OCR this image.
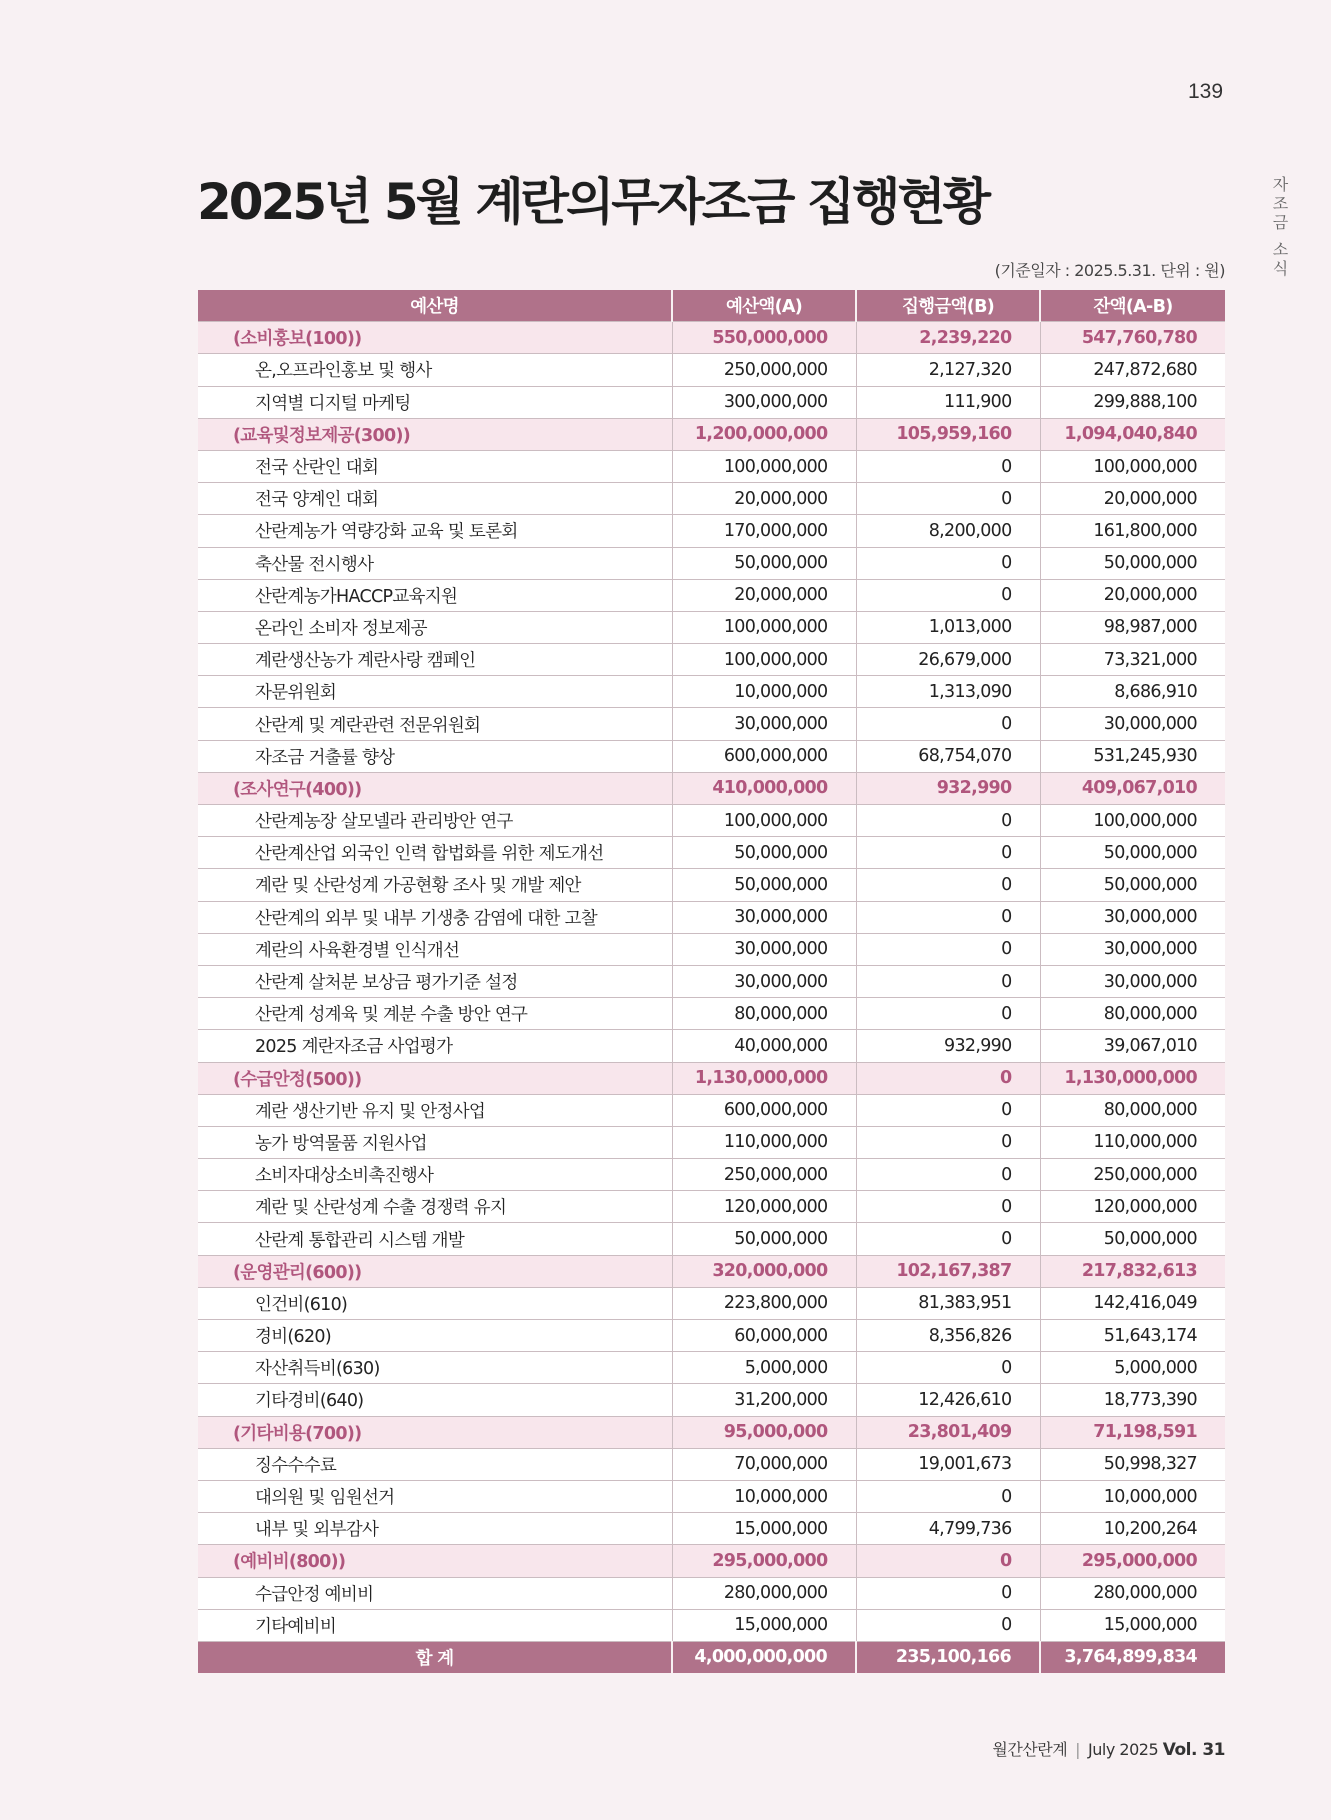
139
자조금 소식
2025년 5월 계란의무자조금 집행현황
(기준일자 : 2025.5.31. 단위 : 원)
예산명	예산액(A)	집행금액(B)	잔액(A-B)
(소비홍보(100))	550,000,000	2,239,220	547,760,780
온,오프라인홍보 및 행사	250,000,000	2,127,320	247,872,680
지역별 디지털 마케팅	300,000,000	111,900	299,888,100
(교육및정보제공(300))	1,200,000,000	105,959,160	1,094,040,840
전국 산란인 대회	100,000,000	0	100,000,000
전국 양계인 대회	20,000,000	0	20,000,000
산란계농가 역량강화 교육 및 토론회	170,000,000	8,200,000	161,800,000
축산물 전시행사	50,000,000	0	50,000,000
산란계농가HACCP교육지원	20,000,000	0	20,000,000
온라인 소비자 정보제공	100,000,000	1,013,000	98,987,000
계란생산농가 계란사랑 캠페인	100,000,000	26,679,000	73,321,000
자문위원회	10,000,000	1,313,090	8,686,910
산란계 및 계란관련 전문위원회	30,000,000	0	30,000,000
자조금 거출률 향상	600,000,000	68,754,070	531,245,930
(조사연구(400))	410,000,000	932,990	409,067,010
산란계농장 살모넬라 관리방안 연구	100,000,000	0	100,000,000
산란계산업 외국인 인력 합법화를 위한 제도개선	50,000,000	0	50,000,000
계란 및 산란성계 가공현황 조사 및 개발 제안	50,000,000	0	50,000,000
산란계의 외부 및 내부 기생충 감염에 대한 고찰	30,000,000	0	30,000,000
계란의 사육환경별 인식개선	30,000,000	0	30,000,000
산란계 살처분 보상금 평가기준 설정	30,000,000	0	30,000,000
산란계 성계육 및 계분 수출 방안 연구	80,000,000	0	80,000,000
2025 계란자조금 사업평가	40,000,000	932,990	39,067,010
(수급안정(500))	1,130,000,000	0	1,130,000,000
계란 생산기반 유지 및 안정사업	600,000,000	0	80,000,000
농가 방역물품 지원사업	110,000,000	0	110,000,000
소비자대상소비촉진행사	250,000,000	0	250,000,000
계란 및 산란성계 수출 경쟁력 유지	120,000,000	0	120,000,000
산란계 통합관리 시스템 개발	50,000,000	0	50,000,000
(운영관리(600))	320,000,000	102,167,387	217,832,613
인건비(610)	223,800,000	81,383,951	142,416,049
경비(620)	60,000,000	8,356,826	51,643,174
자산취득비(630)	5,000,000	0	5,000,000
기타경비(640)	31,200,000	12,426,610	18,773,390
(기타비용(700))	95,000,000	23,801,409	71,198,591
징수수수료	70,000,000	19,001,673	50,998,327
대의원 및 임원선거	10,000,000	0	10,000,000
내부 및 외부감사	15,000,000	4,799,736	10,200,264
(예비비(800))	295,000,000	0	295,000,000
수급안정 예비비	280,000,000	0	280,000,000
기타예비비	15,000,000	0	15,000,000
합 계	4,000,000,000	235,100,166	3,764,899,834
월간산란계 | July 2025 Vol. 31
